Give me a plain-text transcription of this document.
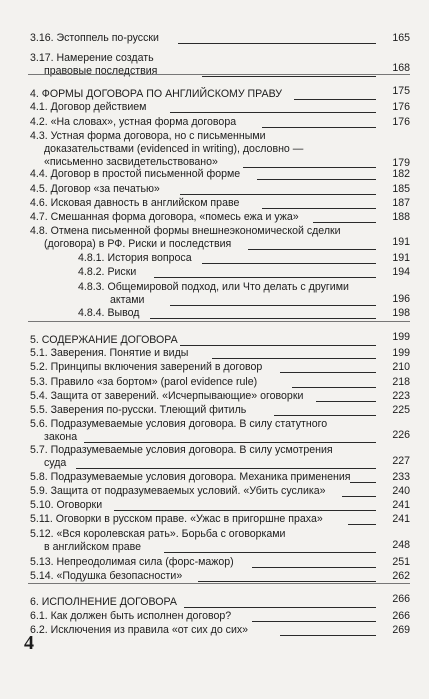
3.16. Эстоппель по-русски	165
3.17. Намерение создать
правовые последствия	168
4. ФОРМЫ ДОГОВОРА ПО АНГЛИЙСКОМУ ПРАВУ	175
4.1. Договор действием	176
4.2. «На словах», устная форма договора	176
4.3. Устная форма договора, но с письменными
доказательствами (evidenced in writing), дословно —
«письменно засвидетельствовано»	179
4.4. Договор в простой письменной форме	182
4.5. Договор «за печатью»	185
4.6. Исковая давность в английском праве	187
4.7. Смешанная форма договора, «помесь ежа и ужа»	188
4.8. Отмена письменной формы внешнеэкономической сделки
(договора) в РФ. Риски и последствия	191
4.8.1. История вопроса	191
4.8.2. Риски	194
4.8.3. Общемировой подход, или Что делать с другими
актами	196
4.8.4. Вывод	198
5. СОДЕРЖАНИЕ ДОГОВОРА	199
5.1. Заверения. Понятие и виды	199
5.2. Принципы включения заверений в договор	210
5.3. Правило «за бортом» (parol evidence rule)	218
5.4. Защита от заверений. «Исчерпывающие» оговорки	223
5.5. Заверения по-русски. Тлеющий фитиль	225
5.6. Подразумеваемые условия договора. В силу статутного
закона	226
5.7. Подразумеваемые условия договора. В силу усмотрения
суда	227
5.8. Подразумеваемые условия договора. Механика применения	233
5.9. Защита от подразумеваемых условий. «Убить суслика»	240
5.10. Оговорки	241
5.11. Оговорки в русском праве. «Ужас в пригоршне праха»	241
5.12. «Вся королевская рать». Борьба с оговорками
в английском праве	248
5.13. Непреодолимая сила (форс-мажор)	251
5.14. «Подушка безопасности»	262
6. ИСПОЛНЕНИЕ ДОГОВОРА	266
6.1. Как должен быть исполнен договор?	266
6.2. Исключения из правила «от сих до сих»	269
4
